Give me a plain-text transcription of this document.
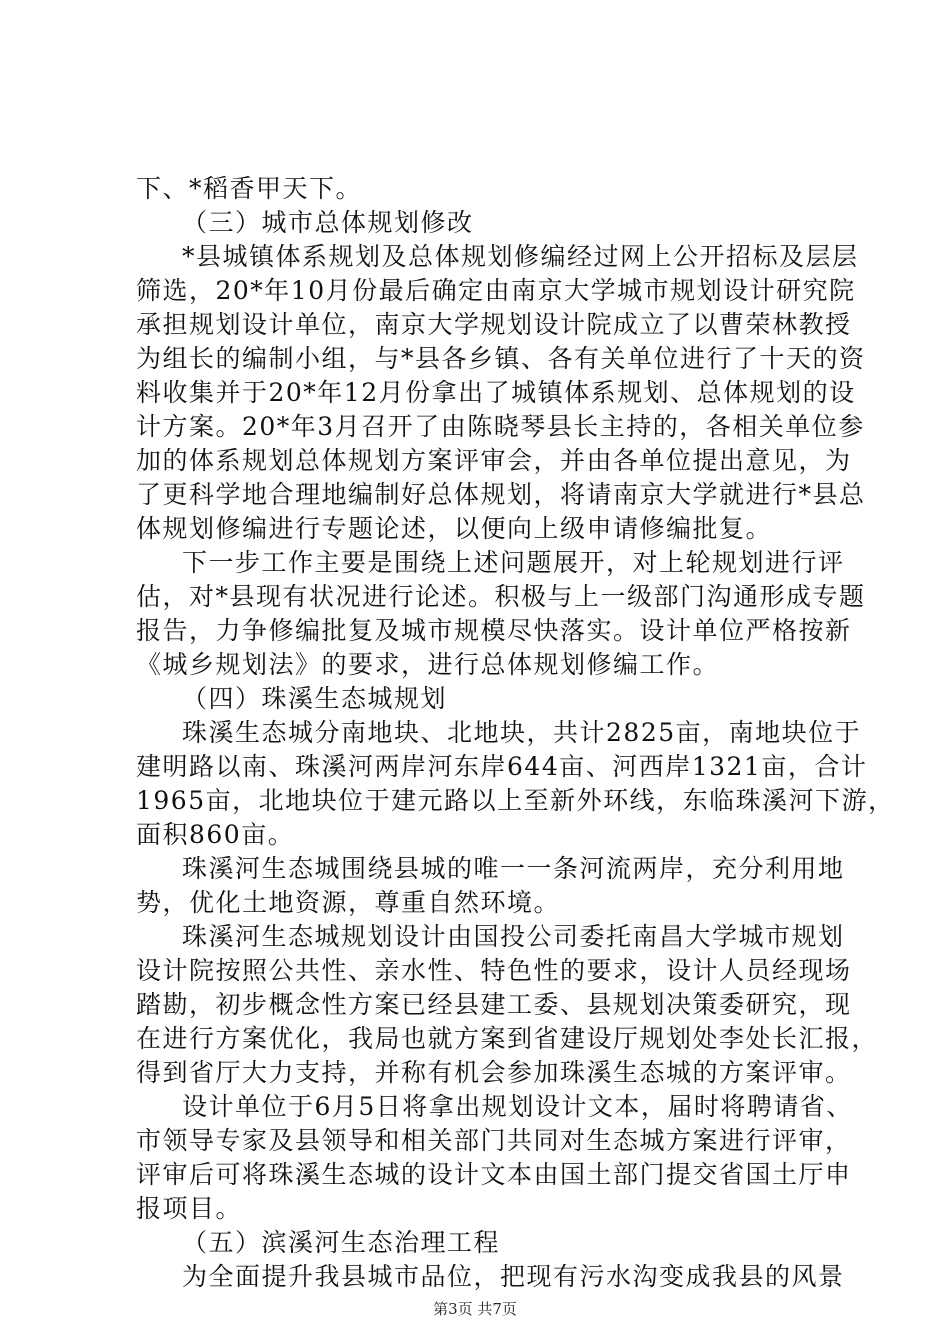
下、*稻香甲天下。
（三）城市总体规划修改
*县城镇体系规划及总体规划修编经过网上公开招标及层层
筛选，20*年10月份最后确定由南京大学城市规划设计研究院
承担规划设计单位，南京大学规划设计院成立了以曹荣林教授
为组长的编制小组，与*县各乡镇、各有关单位进行了十天的资
料收集并于20*年12月份拿出了城镇体系规划、总体规划的设
计方案。20*年3月召开了由陈晓琴县长主持的，各相关单位参
加的体系规划总体规划方案评审会，并由各单位提出意见，为
了更科学地合理地编制好总体规划，将请南京大学就进行*县总
体规划修编进行专题论述，以便向上级申请修编批复。
下一步工作主要是围绕上述问题展开，对上轮规划进行评
估，对*县现有状况进行论述。积极与上一级部门沟通形成专题
报告，力争修编批复及城市规模尽快落实。设计单位严格按新
《城乡规划法》的要求，进行总体规划修编工作。
（四）珠溪生态城规划
珠溪生态城分南地块、北地块，共计2825亩，南地块位于
建明路以南、珠溪河两岸河东岸644亩、河西岸1321亩，合计
1965亩，北地块位于建元路以上至新外环线，东临珠溪河下游，
面积860亩。
珠溪河生态城围绕县城的唯一一条河流两岸，充分利用地
势，优化土地资源，尊重自然环境。
珠溪河生态城规划设计由国投公司委托南昌大学城市规划
设计院按照公共性、亲水性、特色性的要求，设计人员经现场
踏勘，初步概念性方案已经县建工委、县规划决策委研究，现
在进行方案优化，我局也就方案到省建设厅规划处李处长汇报，
得到省厅大力支持，并称有机会参加珠溪生态城的方案评审。
设计单位于6月5日将拿出规划设计文本，届时将聘请省、
市领导专家及县领导和相关部门共同对生态城方案进行评审，
评审后可将珠溪生态城的设计文本由国土部门提交省国土厅申
报项目。
（五）滨溪河生态治理工程
为全面提升我县城市品位，把现有污水沟变成我县的风景
第3页 共7页
